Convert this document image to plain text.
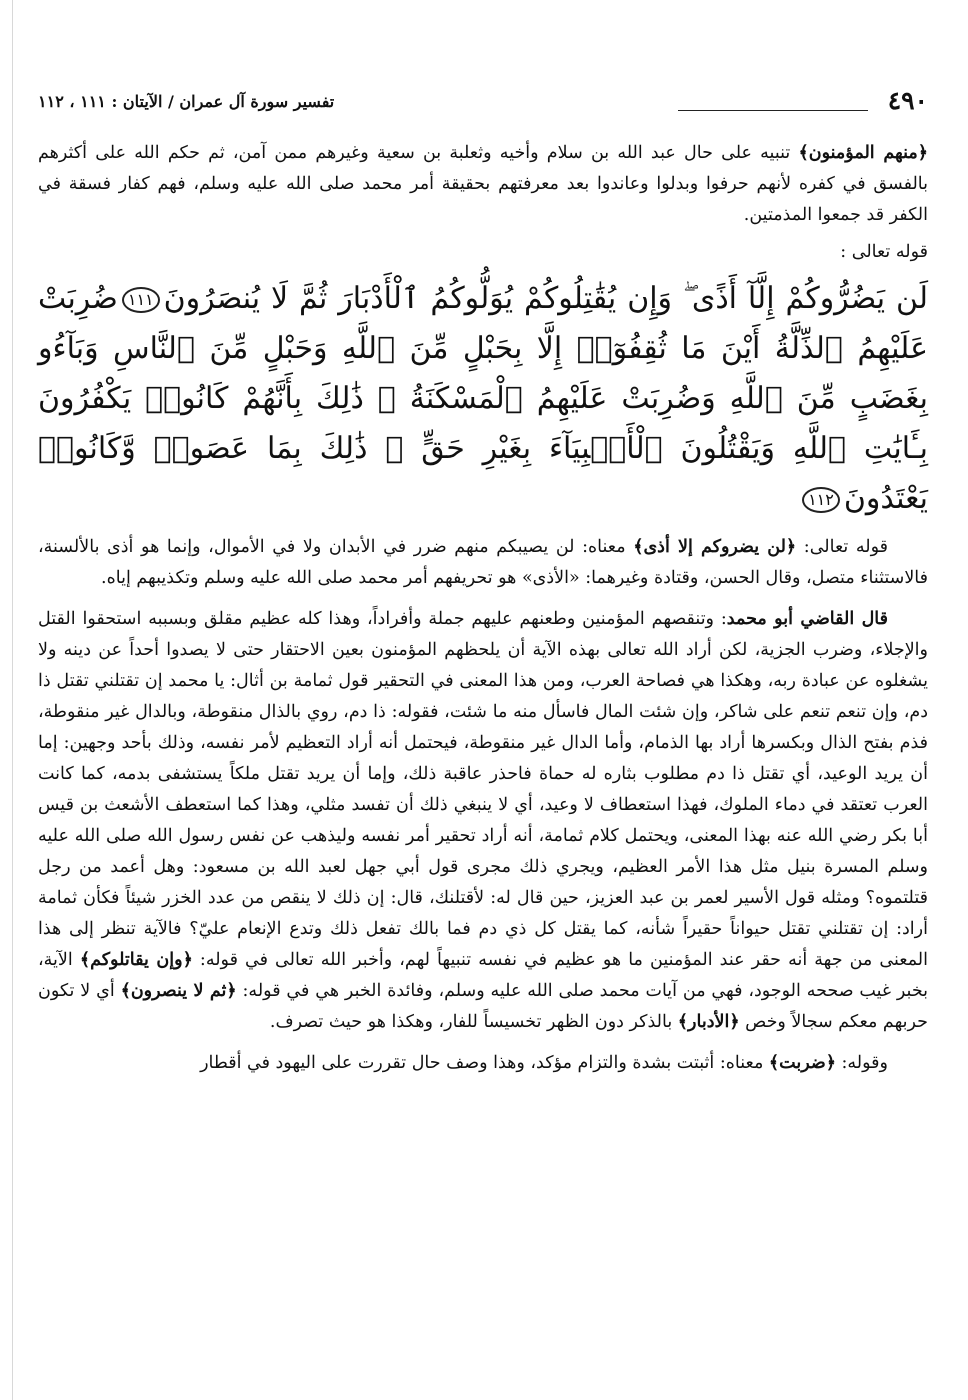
٤٩٠
تفسير سورة آل عمران / الآيتان : ١١١ ، ١١٢

﴿منهم المؤمنون﴾ تنبيه على حال عبد الله بن سلام وأخيه وثعلبة بن سعية وغيرهم ممن آمن، ثم حكم الله على أكثرهم بالفسق في كفره لأنهم حرفوا وبدلوا وعاندوا بعد معرفتهم بحقيقة أمر محمد صلى الله عليه وسلم، فهم كفار فسقة في الكفر قد جمعوا المذمتين.

قوله تعالى :

لَن يَضُرُّوكُمْ إِلَّآ أَذًى ۖ وَإِن يُقَٰتِلُوكُمْ يُوَلُّوكُمُ ٱلْأَدْبَارَ ثُمَّ لَا يُنصَرُونَ١١١ضُرِبَتْ عَلَيْهِمُ ٱلذِّلَّةُ أَيْنَ مَا ثُقِفُوٓا۟ إِلَّا بِحَبْلٍ مِّنَ ٱللَّهِ وَحَبْلٍ مِّنَ ٱلنَّاسِ وَبَآءُو بِغَضَبٍ مِّنَ ٱللَّهِ وَضُرِبَتْ عَلَيْهِمُ ٱلْمَسْكَنَةُ ۚ ذَٰلِكَ بِأَنَّهُمْ كَانُوا۟ يَكْفُرُونَ بِـَٔايَٰتِ ٱللَّهِ وَيَقْتُلُونَ ٱلْأَنۢبِيَآءَ بِغَيْرِ حَقٍّ ۚ ذَٰلِكَ بِمَا عَصَوا۟ وَّكَانُوا۟ يَعْتَدُونَ١١٢

قوله تعالى: ﴿لن يضروكم إلا أذى﴾ معناه: لن يصيبكم منهم ضرر في الأبدان ولا في الأموال، وإنما هو أذى بالألسنة، فالاستثناء متصل، وقال الحسن، وقتادة وغيرهما: «الأذى» هو تحريفهم أمر محمد صلى الله عليه وسلم وتكذيبهم إياه.

قال القاضي أبو محمد: وتنقصهم المؤمنين وطعنهم عليهم جملة وأفراداً، وهذا كله عظيم مقلق وبسببه استحقوا القتل والإجلاء، وضرب الجزية، لكن أراد الله تعالى بهذه الآية أن يلحظهم المؤمنون بعين الاحتقار حتى لا يصدوا أحداً عن دينه ولا يشغلوه عن عبادة ربه، وهكذا هي فصاحة العرب، ومن هذا المعنى في التحقير قول ثمامة بن أثال: يا محمد إن تقتلني تقتل ذا دم، وإن تنعم تنعم على شاكر، وإن شئت المال فاسأل منه ما شئت، فقوله: ذا دم، روي بالذال منقوطة، وبالدال غير منقوطة، فذم بفتح الذال وبكسرها أراد بها الذمام، وأما الدال غير منقوطة، فيحتمل أنه أراد التعظيم لأمر نفسه، وذلك بأحد وجهين: إما أن يريد الوعيد، أي تقتل ذا دم مطلوب بثاره له حماة فاحذر عاقبة ذلك، وإما أن يريد تقتل ملكاً يستشفى بدمه، كما كانت العرب تعتقد في دماء الملوك، فهذا استعطاف لا وعيد، أي لا ينبغي ذلك أن تفسد مثلي، وهذا كما استعطف الأشعث بن قيس أبا بكر رضي الله عنه بهذا المعنى، ويحتمل كلام ثمامة، أنه أراد تحقير أمر نفسه وليذهب عن نفس رسول الله صلى الله عليه وسلم المسرة بنيل مثل هذا الأمر العظيم، ويجري ذلك مجرى قول أبي جهل لعبد الله بن مسعود: وهل أعمد من رجل قتلتموه؟ ومثله قول الأسير لعمر بن عبد العزيز، حين قال له: لأقتلنك، قال: إن ذلك لا ينقص من عدد الخزر شيئاً فكأن ثمامة أراد: إن تقتلني تقتل حيواناً حقيراً شأنه، كما يقتل كل ذي دم فما بالك تفعل ذلك وتدع الإنعام عليّ؟ فالآية تنظر إلى هذا المعنى من جهة أنه حقر عند المؤمنين ما هو عظيم في نفسه تنبيهاً لهم، وأخبر الله تعالى في قوله: ﴿وإن يقاتلوكم﴾ الآية، بخبر غيب صححه الوجود، فهي من آيات محمد صلى الله عليه وسلم، وفائدة الخبر هي في قوله: ﴿ثم لا ينصرون﴾ أي لا تكون حربهم معكم سجالاً وخص ﴿الأدبار﴾ بالذكر دون الظهر تخسيساً للفار، وهكذا هو حيث تصرف.

وقوله: ﴿ضربت﴾ معناه: أثبتت بشدة والتزام مؤكد، وهذا وصف حال تقررت على اليهود في أقطار
